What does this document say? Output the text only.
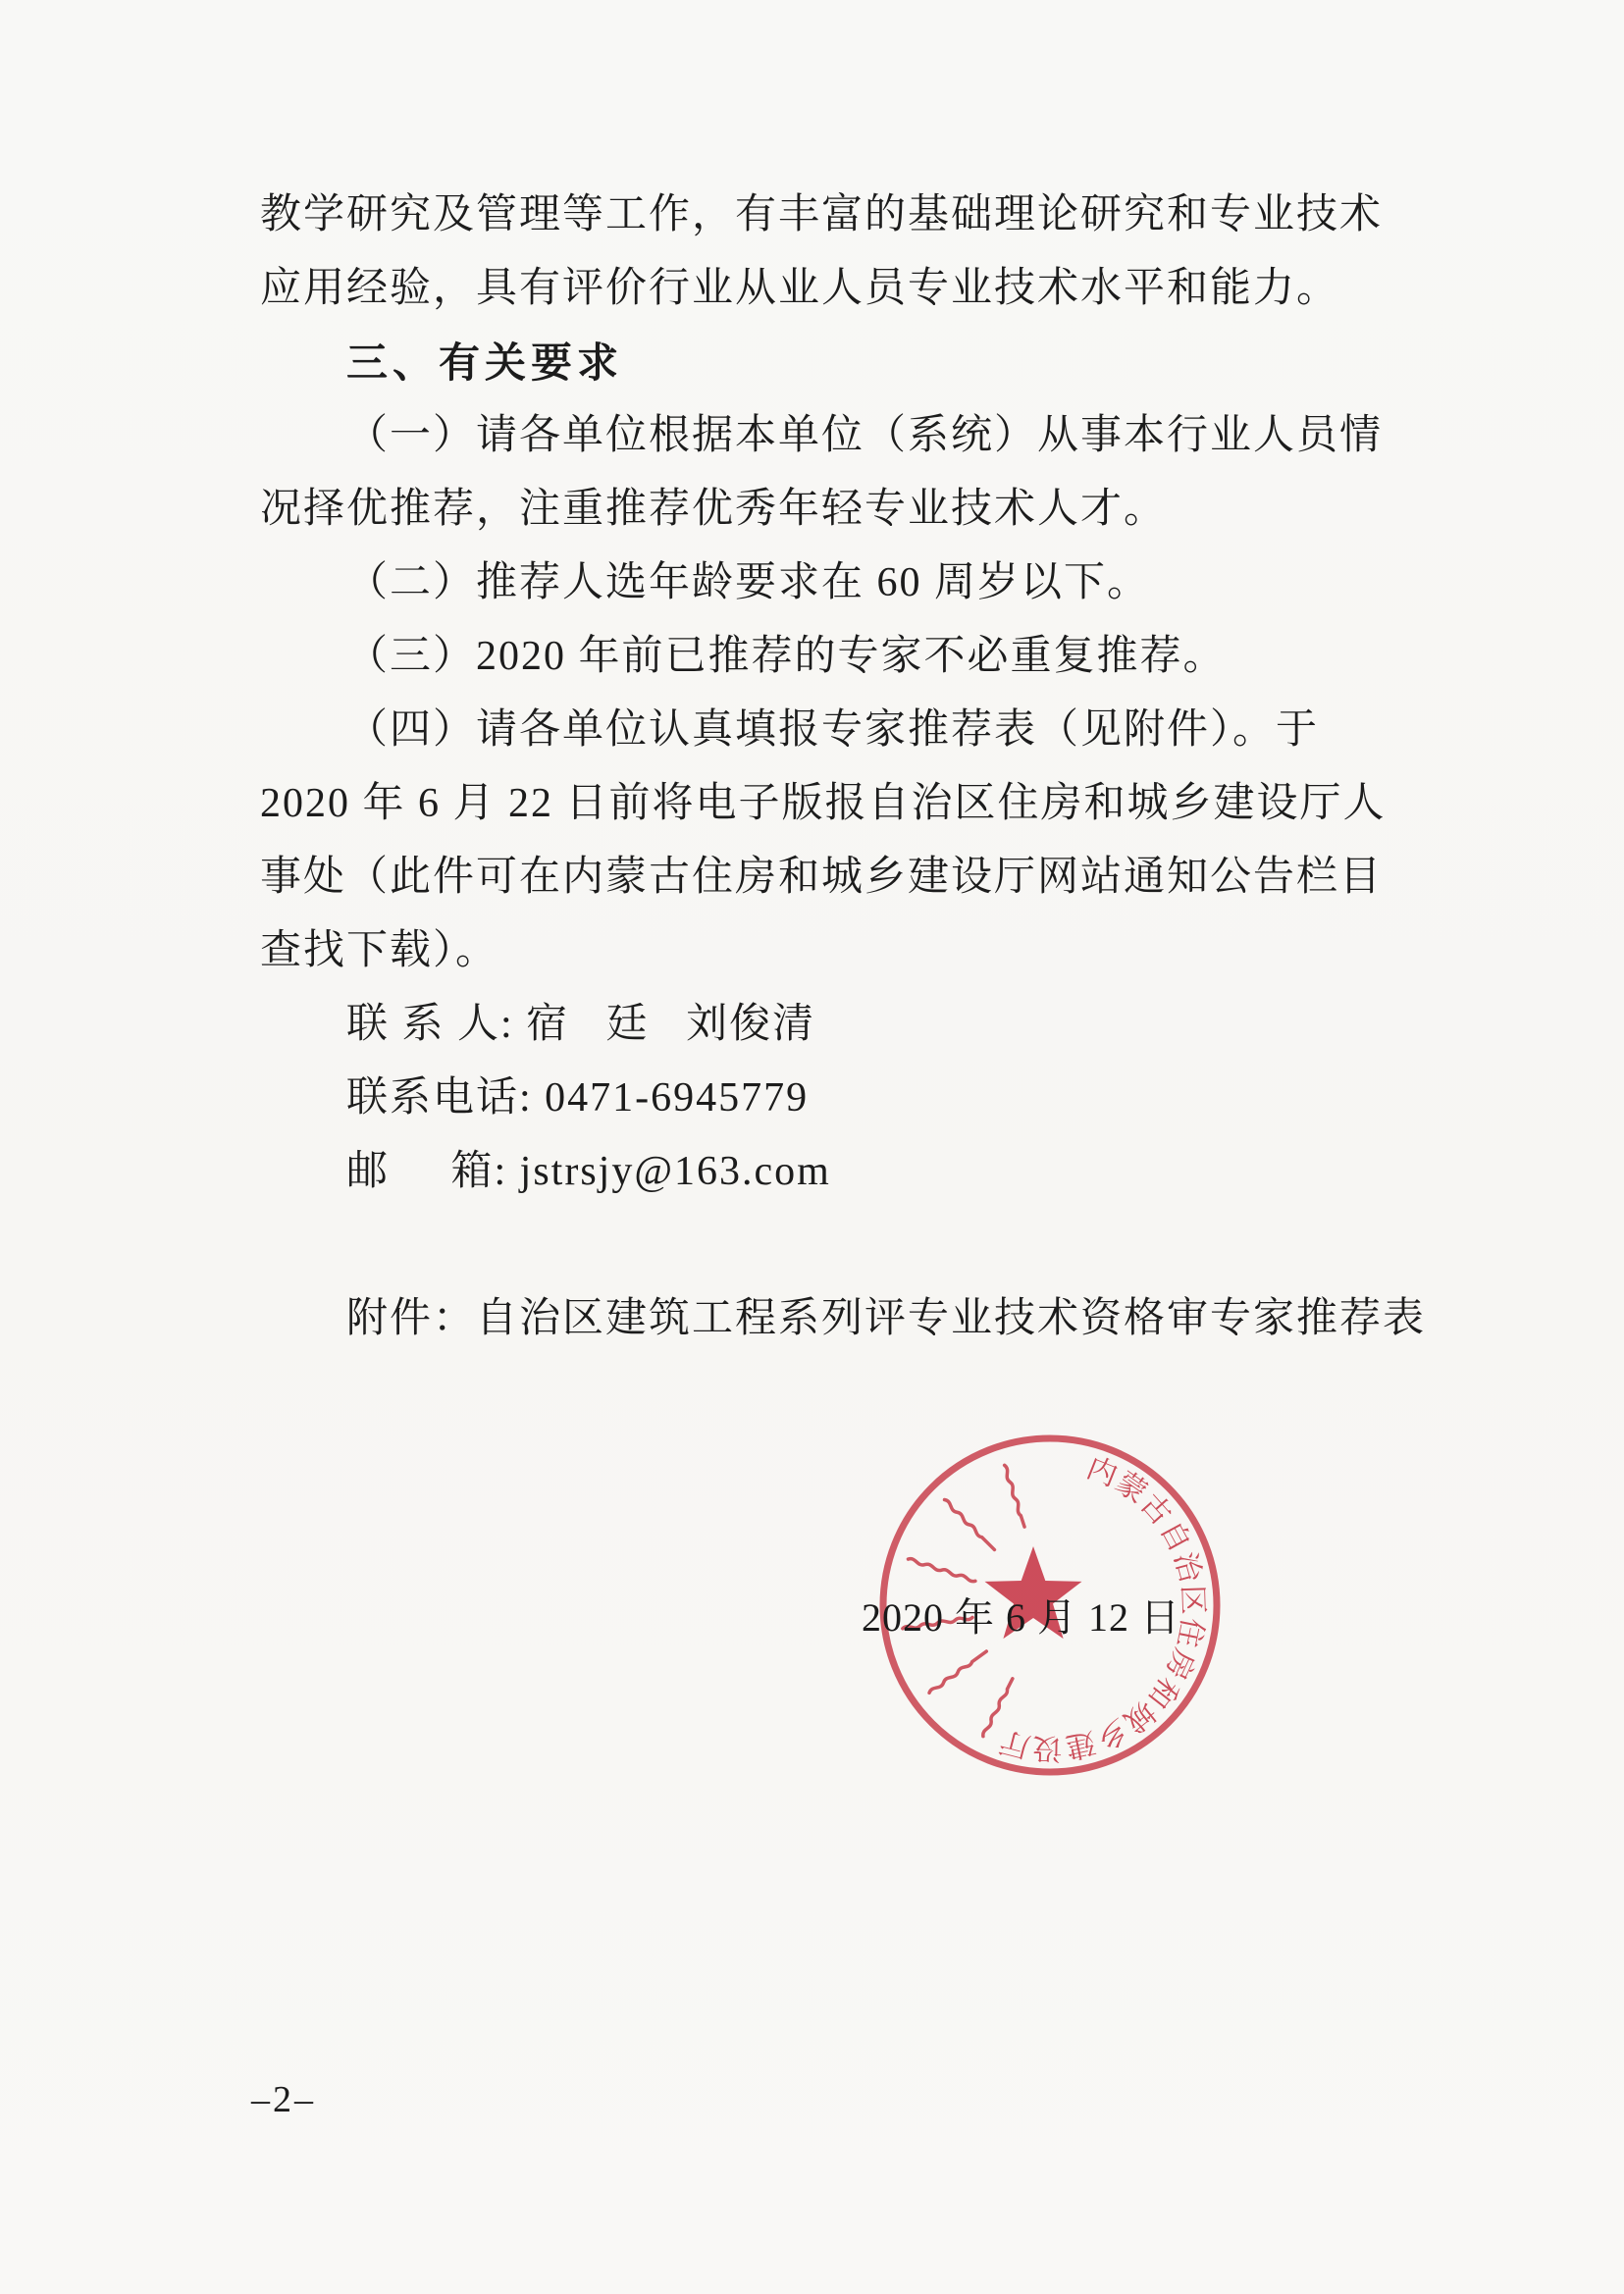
教学研究及管理等工作，有丰富的基础理论研究和专业技术
应用经验，具有评价行业从业人员专业技术水平和能力。
三、有关要求
（一）请各单位根据本单位（系统）从事本行业人员情
况择优推荐，注重推荐优秀年轻专业技术人才。
（二）推荐人选年龄要求在 60 周岁以下。
（三）2020 年前已推荐的专家不必重复推荐。
（四）请各单位认真填报专家推荐表（见附件）。于
2020 年 6 月 22 日前将电子版报自治区住房和城乡建设厅人
事处（此件可在内蒙古住房和城乡建设厅网站通知公告栏目
查找下载）。
联 系 人: 宿   廷   刘俊清
联系电话: 0471-6945779
邮     箱: jstrsjy@163.com
附件：自治区建筑工程系列评专业技术资格审专家推荐表
内蒙古自治区住房和城乡建设厅
2020 年 6 月 12 日
–2–
